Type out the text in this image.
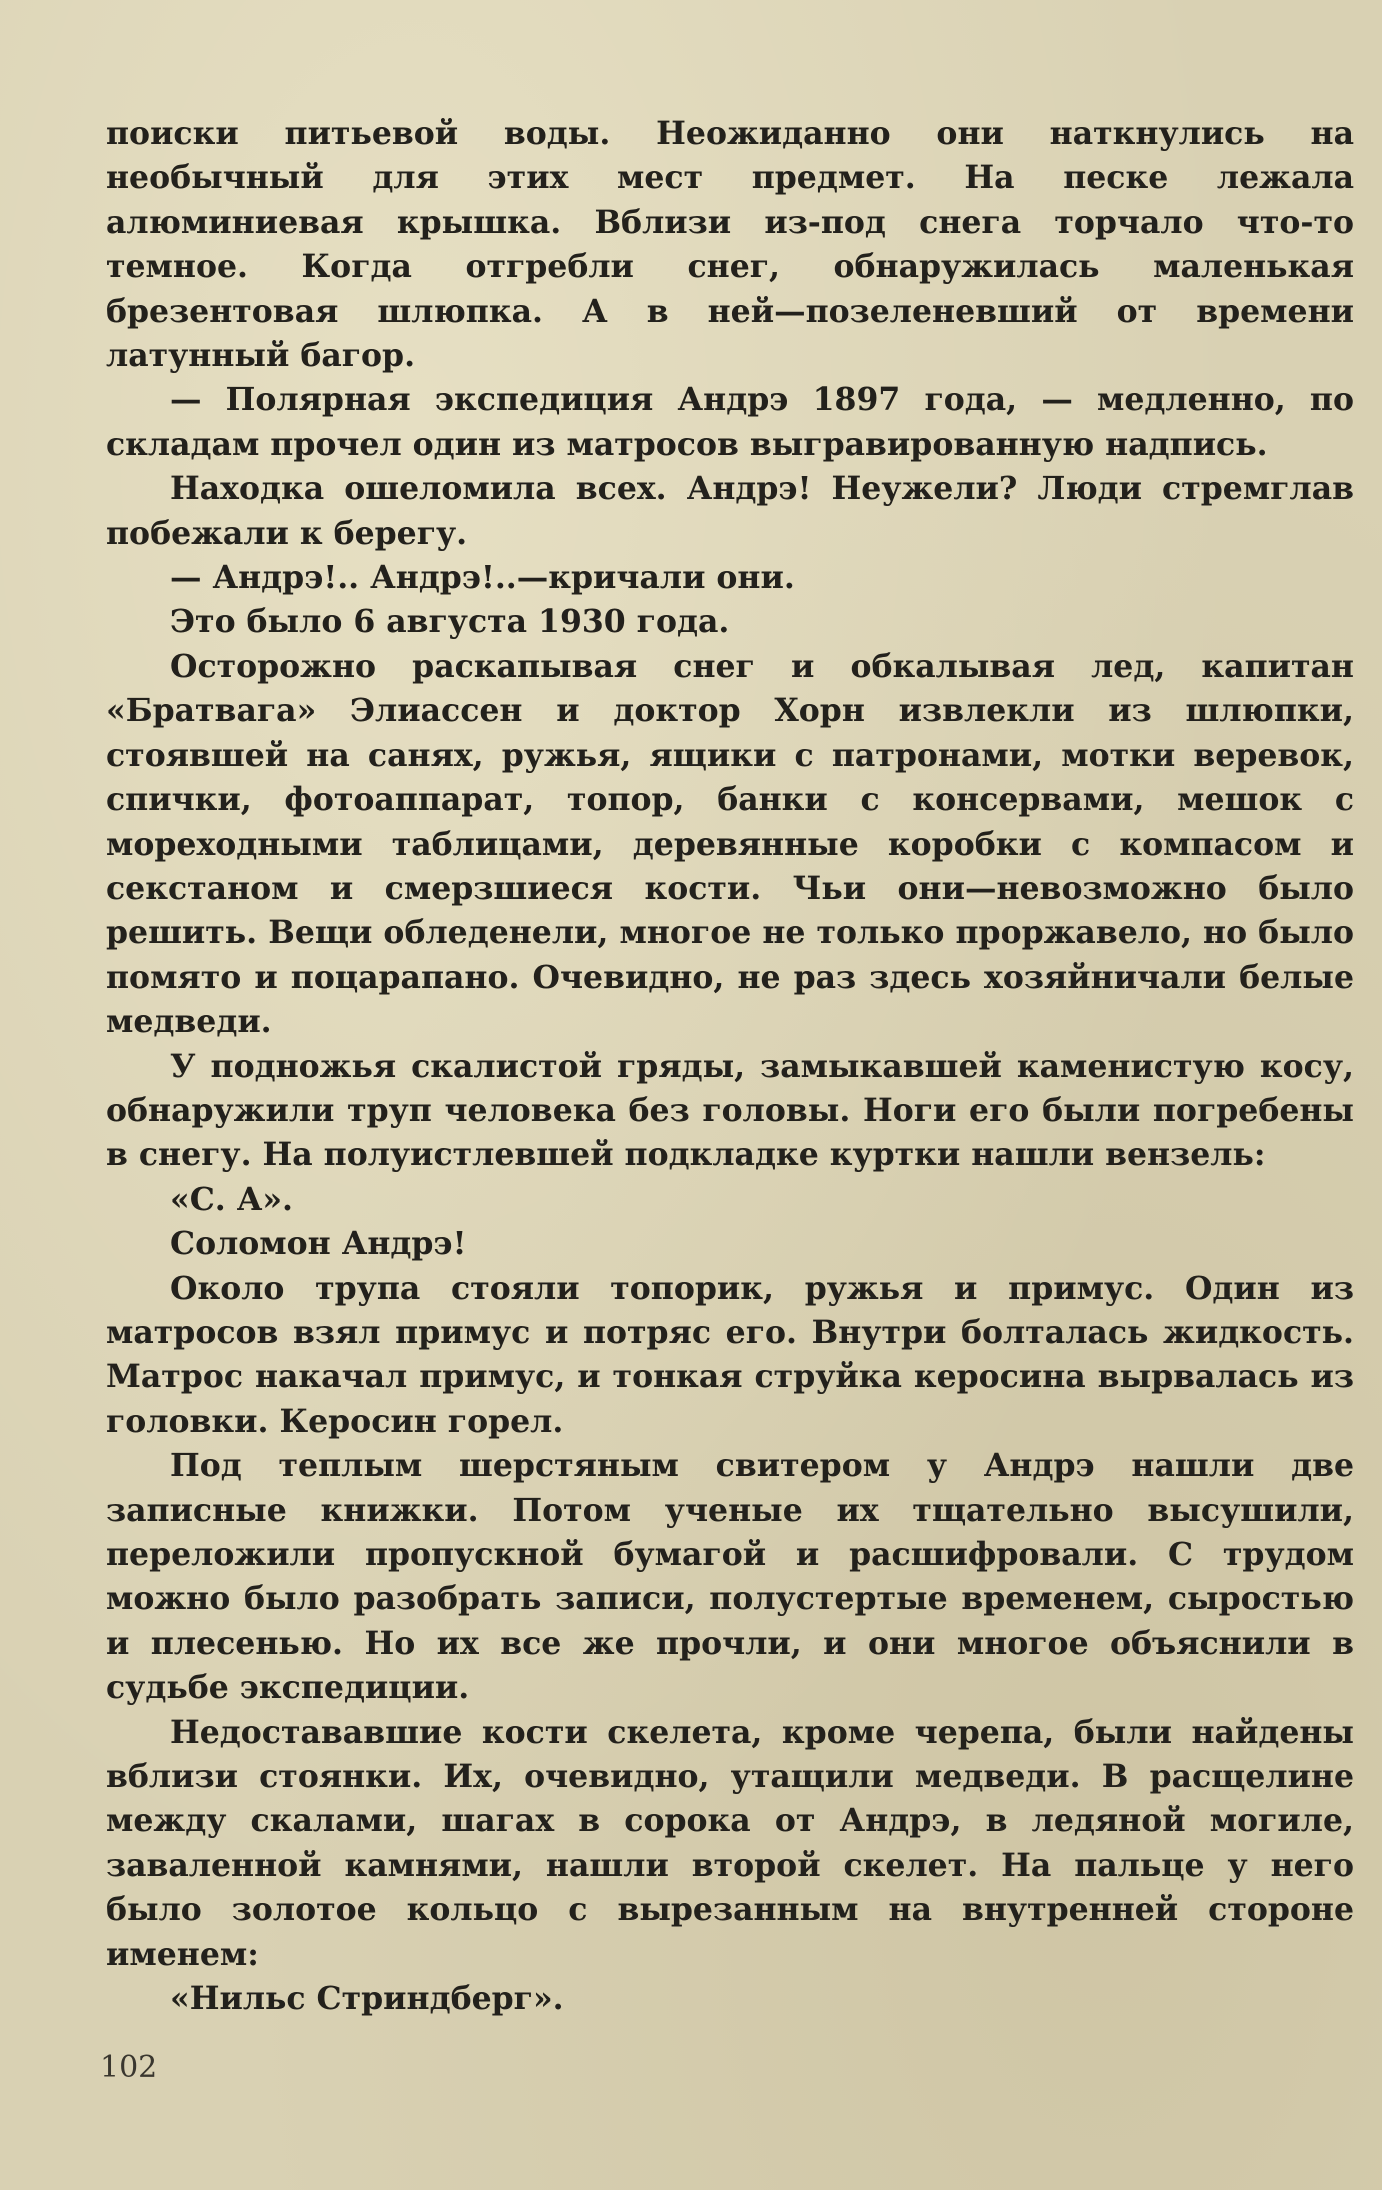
поиски питьевой воды. Неожиданно они наткнулись на необычный для этих мест предмет. На песке лежала алюминиевая крышка. Вблизи из-под снега торчало что-то темное. Когда отгребли снег, обнаружилась маленькая брезентовая шлюпка. А в ней—позеленевший от времени латунный багор.

— Полярная экспедиция Андрэ 1897 года, — медленно, по складам прочел один из матросов выгравированную надпись.

Находка ошеломила всех. Андрэ! Неужели? Люди стремглав побежали к берегу.

— Андрэ!.. Андрэ!..—кричали они.

Это было 6 августа 1930 года.

Осторожно раскапывая снег и обкалывая лед, капитан «Братвага» Элиассен и доктор Хорн извлекли из шлюпки, стоявшей на санях, ружья, ящики с патронами, мотки веревок, спички, фотоаппарат, топор, банки с консервами, мешок с мореходными таблицами, деревянные коробки с компасом и секстаном и смерзшиеся кости. Чьи они—невозможно было решить. Вещи обледенели, многое не только проржавело, но было помято и поцарапано. Очевидно, не раз здесь хозяйничали белые медведи.

У подножья скалистой гряды, замыкавшей каменистую косу, обнаружили труп человека без головы. Ноги его были погребены в снегу. На полуистлевшей подкладке куртки нашли вензель:

«С. А».

Соломон Андрэ!

Около трупа стояли топорик, ружья и примус. Один из матросов взял примус и потряс его. Внутри болталась жидкость. Матрос накачал примус, и тонкая струйка керосина вырвалась из головки. Керосин горел.

Под теплым шерстяным свитером у Андрэ нашли две записные книжки. Потом ученые их тщательно высушили, переложили пропускной бумагой и расшифровали. С трудом можно было разобрать записи, полустертые временем, сыростью и плесенью. Но их все же прочли, и они многое объяснили в судьбе экспедиции.

Недостававшие кости скелета, кроме черепа, были найдены вблизи стоянки. Их, очевидно, утащили медведи. В расщелине между скалами, шагах в сорока от Андрэ, в ледяной могиле, заваленной камнями, нашли второй скелет. На пальце у него было золотое кольцо с вырезанным на внутренней стороне именем:

«Нильс Стриндберг».

102
